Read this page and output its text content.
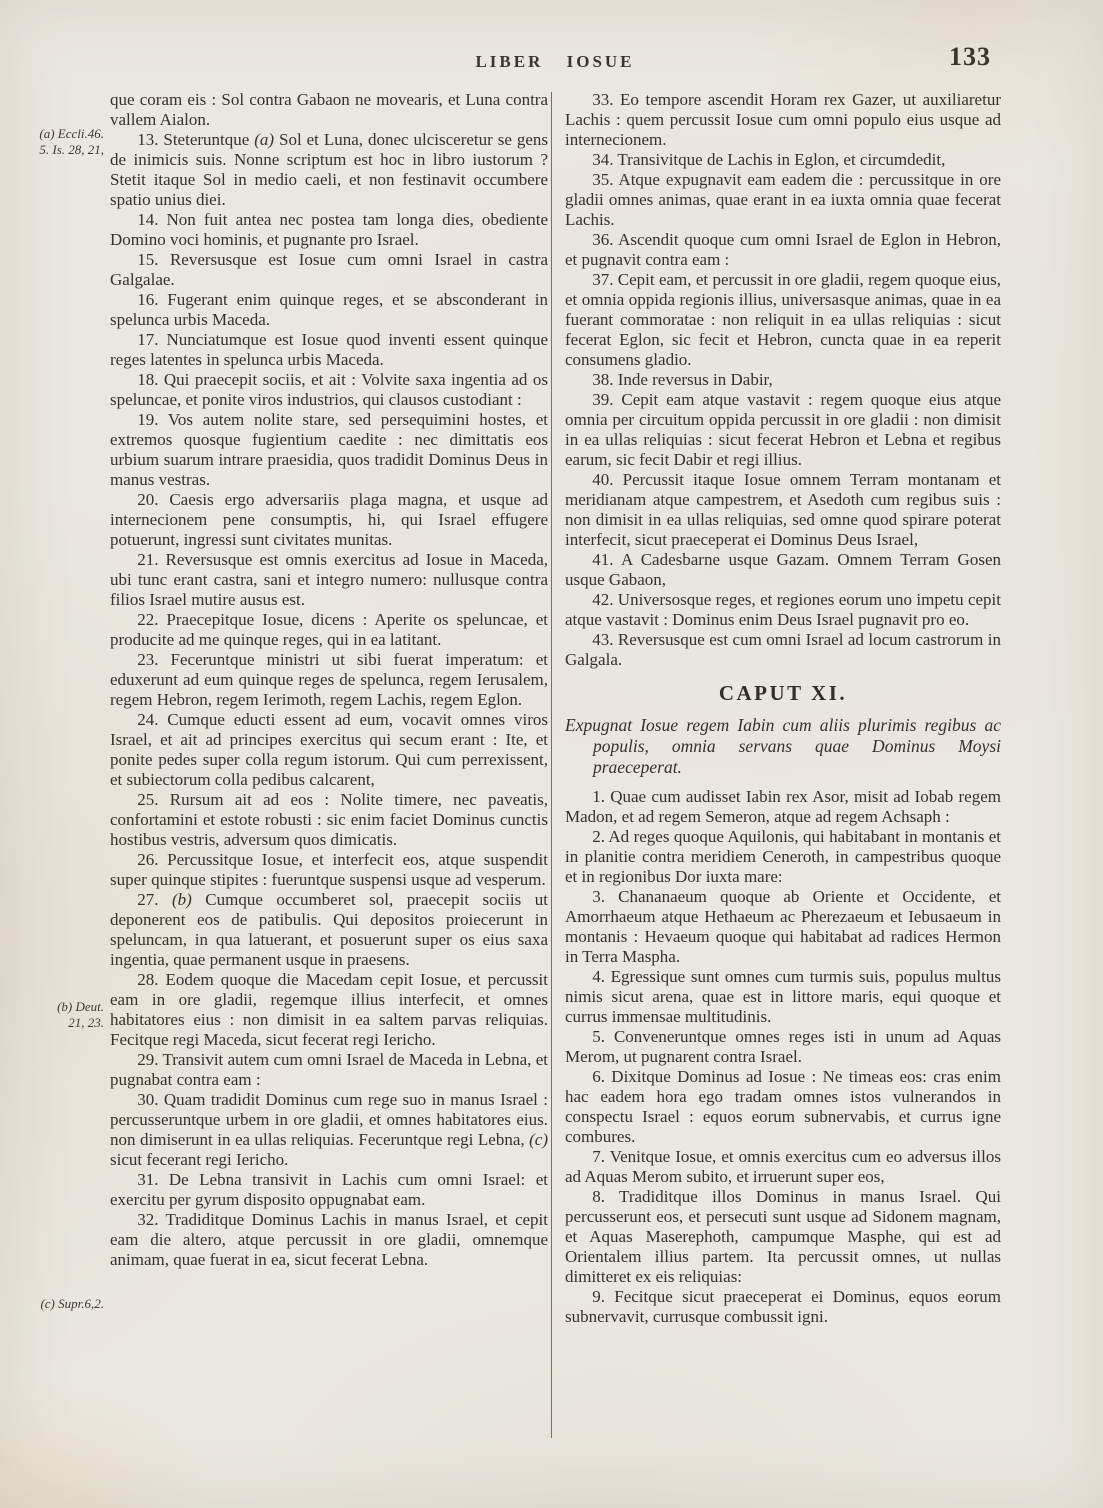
LIBER IOSUE	133
(a) Eccli.46.
5. Is. 28, 21,
(b) Deut.
21, 23.
(c) Supr.6,2.

que coram eis : Sol contra Gabaon ne movearis, et Luna contra vallem Aialon.

13. Steteruntque (a) Sol et Luna, donec ulcisceretur se gens de inimicis suis. Nonne scriptum est hoc in libro iustorum ? Stetit itaque Sol in medio caeli, et non festinavit occumbere spatio unius diei.

14. Non fuit antea nec postea tam longa dies, obediente Domino voci hominis, et pugnante pro Israel.

15. Reversusque est Iosue cum omni Israel in castra Galgalae.

16. Fugerant enim quinque reges, et se absconderant in spelunca urbis Maceda.

17. Nunciatumque est Iosue quod inventi essent quinque reges latentes in spelunca urbis Maceda.

18. Qui praecepit sociis, et ait : Volvite saxa ingentia ad os speluncae, et ponite viros industrios, qui clausos custodiant :

19. Vos autem nolite stare, sed persequimini hostes, et extremos quosque fugientium caedite : nec dimittatis eos urbium suarum intrare praesidia, quos tradidit Dominus Deus in manus vestras.

20. Caesis ergo adversariis plaga magna, et usque ad internecionem pene consumptis, hi, qui Israel effugere potuerunt, ingressi sunt civitates munitas.

21. Reversusque est omnis exercitus ad Iosue in Maceda, ubi tunc erant castra, sani et integro numero: nullusque contra filios Israel mutire ausus est.

22. Praecepitque Iosue, dicens : Aperite os speluncae, et producite ad me quinque reges, qui in ea latitant.

23. Feceruntque ministri ut sibi fuerat imperatum: et eduxerunt ad eum quinque reges de spelunca, regem Ierusalem, regem Hebron, regem Ierimoth, regem Lachis, regem Eglon.

24. Cumque educti essent ad eum, vocavit omnes viros Israel, et ait ad principes exercitus qui secum erant : Ite, et ponite pedes super colla regum istorum. Qui cum perrexissent, et subiectorum colla pedibus calcarent,

25. Rursum ait ad eos : Nolite timere, nec paveatis, confortamini et estote robusti : sic enim faciet Dominus cunctis hostibus vestris, adversum quos dimicatis.

26. Percussitque Iosue, et interfecit eos, atque suspendit super quinque stipites : fueruntque suspensi usque ad vesperum.

27. (b) Cumque occumberet sol, praecepit sociis ut deponerent eos de patibulis. Qui depositos proiecerunt in speluncam, in qua latuerant, et posuerunt super os eius saxa ingentia, quae permanent usque in praesens.

28. Eodem quoque die Macedam cepit Iosue, et percussit eam in ore gladii, regemque illius interfecit, et omnes habitatores eius : non dimisit in ea saltem parvas reliquias. Fecitque regi Maceda, sicut fecerat regi Iericho.

29. Transivit autem cum omni Israel de Maceda in Lebna, et pugnabat contra eam :

30. Quam tradidit Dominus cum rege suo in manus Israel : percusseruntque urbem in ore gladii, et omnes habitatores eius. non dimiserunt in ea ullas reliquias. Feceruntque regi Lebna, (c) sicut fecerant regi Iericho.

31. De Lebna transivit in Lachis cum omni Israel: et exercitu per gyrum disposito oppugnabat eam.

32. Tradiditque Dominus Lachis in manus Israel, et cepit eam die altero, atque percussit in ore gladii, omnemque animam, quae fuerat in ea, sicut fecerat Lebna.

33. Eo tempore ascendit Horam rex Gazer, ut auxiliaretur Lachis : quem percussit Iosue cum omni populo eius usque ad internecionem.

34. Transivitque de Lachis in Eglon, et circumdedit,

35. Atque expugnavit eam eadem die : percussitque in ore gladii omnes animas, quae erant in ea iuxta omnia quae fecerat Lachis.

36. Ascendit quoque cum omni Israel de Eglon in Hebron, et pugnavit contra eam :

37. Cepit eam, et percussit in ore gladii, regem quoque eius, et omnia oppida regionis illius, universasque animas, quae in ea fuerant commoratae : non reliquit in ea ullas reliquias : sicut fecerat Eglon, sic fecit et Hebron, cuncta quae in ea reperit consumens gladio.

38. Inde reversus in Dabir,

39. Cepit eam atque vastavit : regem quoque eius atque omnia per circuitum oppida percussit in ore gladii : non dimisit in ea ullas reliquias : sicut fecerat Hebron et Lebna et regibus earum, sic fecit Dabir et regi illius.

40. Percussit itaque Iosue omnem Terram montanam et meridianam atque campestrem, et Asedoth cum regibus suis : non dimisit in ea ullas reliquias, sed omne quod spirare poterat interfecit, sicut praeceperat ei Dominus Deus Israel,

41. A Cadesbarne usque Gazam. Omnem Terram Gosen usque Gabaon,

42. Universosque reges, et regiones eorum uno impetu cepit atque vastavit : Dominus enim Deus Israel pugnavit pro eo.

43. Reversusque est cum omni Israel ad locum castrorum in Galgala.

CAPUT XI.
Expugnat Iosue regem Iabin cum aliis plurimis regibus ac populis, omnia servans quae Dominus Moysi praeceperat.

1. Quae cum audisset Iabin rex Asor, misit ad Iobab regem Madon, et ad regem Semeron, atque ad regem Achsaph :

2. Ad reges quoque Aquilonis, qui habitabant in montanis et in planitie contra meridiem Ceneroth, in campestribus quoque et in regionibus Dor iuxta mare:

3. Chananaeum quoque ab Oriente et Occidente, et Amorrhaeum atque Hethaeum ac Pherezaeum et Iebusaeum in montanis : Hevaeum quoque qui habitabat ad radices Hermon in Terra Maspha.

4. Egressique sunt omnes cum turmis suis, populus multus nimis sicut arena, quae est in littore maris, equi quoque et currus immensae multitudinis.

5. Conveneruntque omnes reges isti in unum ad Aquas Merom, ut pugnarent contra Israel.

6. Dixitque Dominus ad Iosue : Ne timeas eos: cras enim hac eadem hora ego tradam omnes istos vulnerandos in conspectu Israel : equos eorum subnervabis, et currus igne combures.

7. Venitque Iosue, et omnis exercitus cum eo adversus illos ad Aquas Merom subito, et irruerunt super eos,

8. Tradiditque illos Dominus in manus Israel. Qui percusserunt eos, et persecuti sunt usque ad Sidonem magnam, et Aquas Maserephoth, campumque Masphe, qui est ad Orientalem illius partem. Ita percussit omnes, ut nullas dimitteret ex eis reliquias:

9. Fecitque sicut praeceperat ei Dominus, equos eorum subnervavit, currusque combussit igni.
